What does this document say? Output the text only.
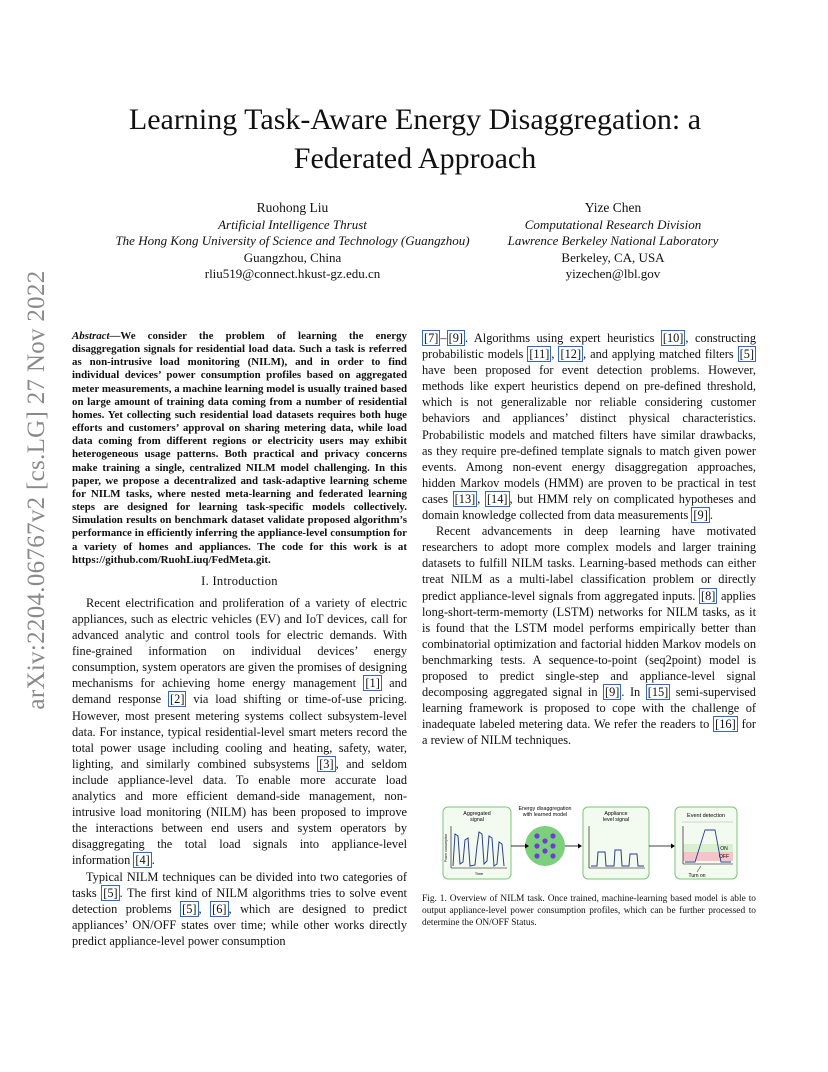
arXiv:2204.06767v2 [cs.LG] 27 Nov 2022
Learning Task-Aware Energy Disaggregation: a Federated Approach
Ruohong Liu
Artificial Intelligence Thrust
The Hong Kong University of Science and Technology (Guangzhou)
Guangzhou, China
rliu519@connect.hkust-gz.edu.cn
Yize Chen
Computational Research Division
Lawrence Berkeley National Laboratory
Berkeley, CA, USA
yizechen@lbl.gov

Abstract—We consider the problem of learning the energy disaggregation signals for residential load data. Such a task is referred as non-intrusive load monitoring (NILM), and in order to find individual devices’ power consumption profiles based on aggregated meter measurements, a machine learning model is usually trained based on large amount of training data coming from a number of residential homes. Yet collecting such residential load datasets requires both huge efforts and customers’ approval on sharing metering data, while load data coming from different regions or electricity users may exhibit heterogeneous usage patterns. Both practical and privacy concerns make training a single, centralized NILM model challenging. In this paper, we propose a decentralized and task-adaptive learning scheme for NILM tasks, where nested meta-learning and federated learning steps are designed for learning task-specific models collectively. Simulation results on benchmark dataset validate proposed algorithm’s performance in efficiently inferring the appliance-level consumption for a variety of homes and appliances. The code for this work is at https://github.com/RuohLiuq/FedMeta.git.

I. Introduction

Recent electrification and proliferation of a variety of electric appliances, such as electric vehicles (EV) and IoT devices, call for advanced analytic and control tools for electric demands. With fine-grained information on individual devices’ energy consumption, system operators are given the promises of designing mechanisms for achieving home energy management [1] and demand response [2] via load shifting or time-of-use pricing. However, most present metering systems collect subsystem-level data. For instance, typical residential-level smart meters record the total power usage including cooling and heating, safety, water, lighting, and similarly combined subsystems [3] , and seldom include appliance-level data. To enable more accurate load analytics and more efficient demand-side management, non-intrusive load monitoring (NILM) has been proposed to improve the interactions between end users and system operators by disaggregating the total load signals into appliance-level information [4] .

Typical NILM techniques can be divided into two categories of tasks [5] . The first kind of NILM algorithms tries to solve event detection problems [5] , [6] , which are designed to predict appliances’ ON/OFF states over time; while other works directly predict appliance-level power consumption

[7] – [9] . Algorithms using expert heuristics [10] , constructing probabilistic models [11] , [12] , and applying matched filters [5] have been proposed for event detection problems. However, methods like expert heuristics depend on pre-defined threshold, which is not generalizable nor reliable considering customer behaviors and appliances’ distinct physical characteristics. Probabilistic models and matched filters have similar drawbacks, as they require pre-defined template signals to match given power events. Among non-event energy disaggregation approaches, hidden Markov models (HMM) are proven to be practical in test cases [13] , [14] , but HMM rely on complicated hypotheses and domain knowledge collected from data measurements [9] .

Recent advancements in deep learning have motivated researchers to adopt more complex models and larger training datasets to fulfill NILM tasks. Learning-based methods can either treat NILM as a multi-label classification problem or directly predict appliance-level signals from aggregated inputs. [8] applies long-short-term-memorty (LSTM) networks for NILM tasks, as it is found that the LSTM model performs empirically better than combinatorial optimization and factorial hidden Markov models on benchmarking tests. A sequence-to-point (seq2point) model is proposed to predict single-step and appliance-level signal decomposing aggregated signal in [9] . In [15] semi-supervised learning framework is proposed to cope with the challenge of inadequate labeled metering data. We refer the readers to [16] for a review of NILM techniques.

Aggregated
signal
Time
Power consumption
Energy disaggregation
with learned model	Appliance
level signal
Event detection
ON
OFF
Turn on
Fig. 1. Overview of NILM task. Once trained, machine-learning based model is able to output appliance-level power consumption profiles, which can be further processed to determine the ON/OFF Status.
